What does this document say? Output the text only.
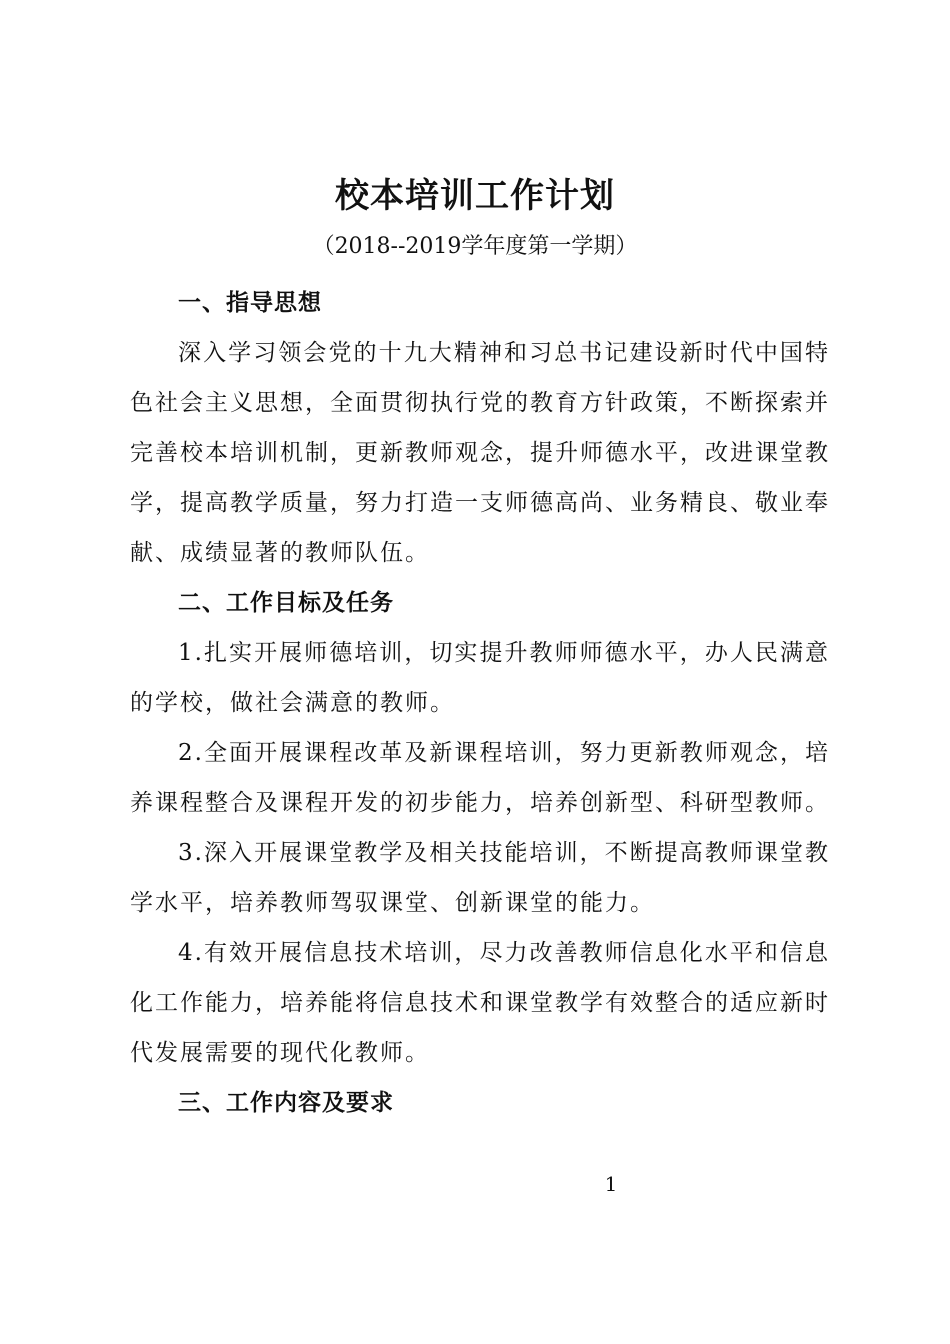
校本培训工作计划
（2018--2019学年度第一学期）

一、指导思想

深入学习领会党的十九大精神和习总书记建设新时代中国特色社会主义思想，全面贯彻执行党的教育方针政策，不断探索并完善校本培训机制，更新教师观念，提升师德水平，改进课堂教学，提高教学质量，努力打造一支师德高尚、业务精良、敬业奉献、成绩显著的教师队伍。

二、工作目标及任务

1.扎实开展师德培训，切实提升教师师德水平，办人民满意的学校，做社会满意的教师。

2.全面开展课程改革及新课程培训，努力更新教师观念，培养课程整合及课程开发的初步能力，培养创新型、科研型教师。

3.深入开展课堂教学及相关技能培训，不断提高教师课堂教学水平，培养教师驾驭课堂、创新课堂的能力。

4.有效开展信息技术培训，尽力改善教师信息化水平和信息化工作能力，培养能将信息技术和课堂教学有效整合的适应新时代发展需要的现代化教师。

三、工作内容及要求

1
